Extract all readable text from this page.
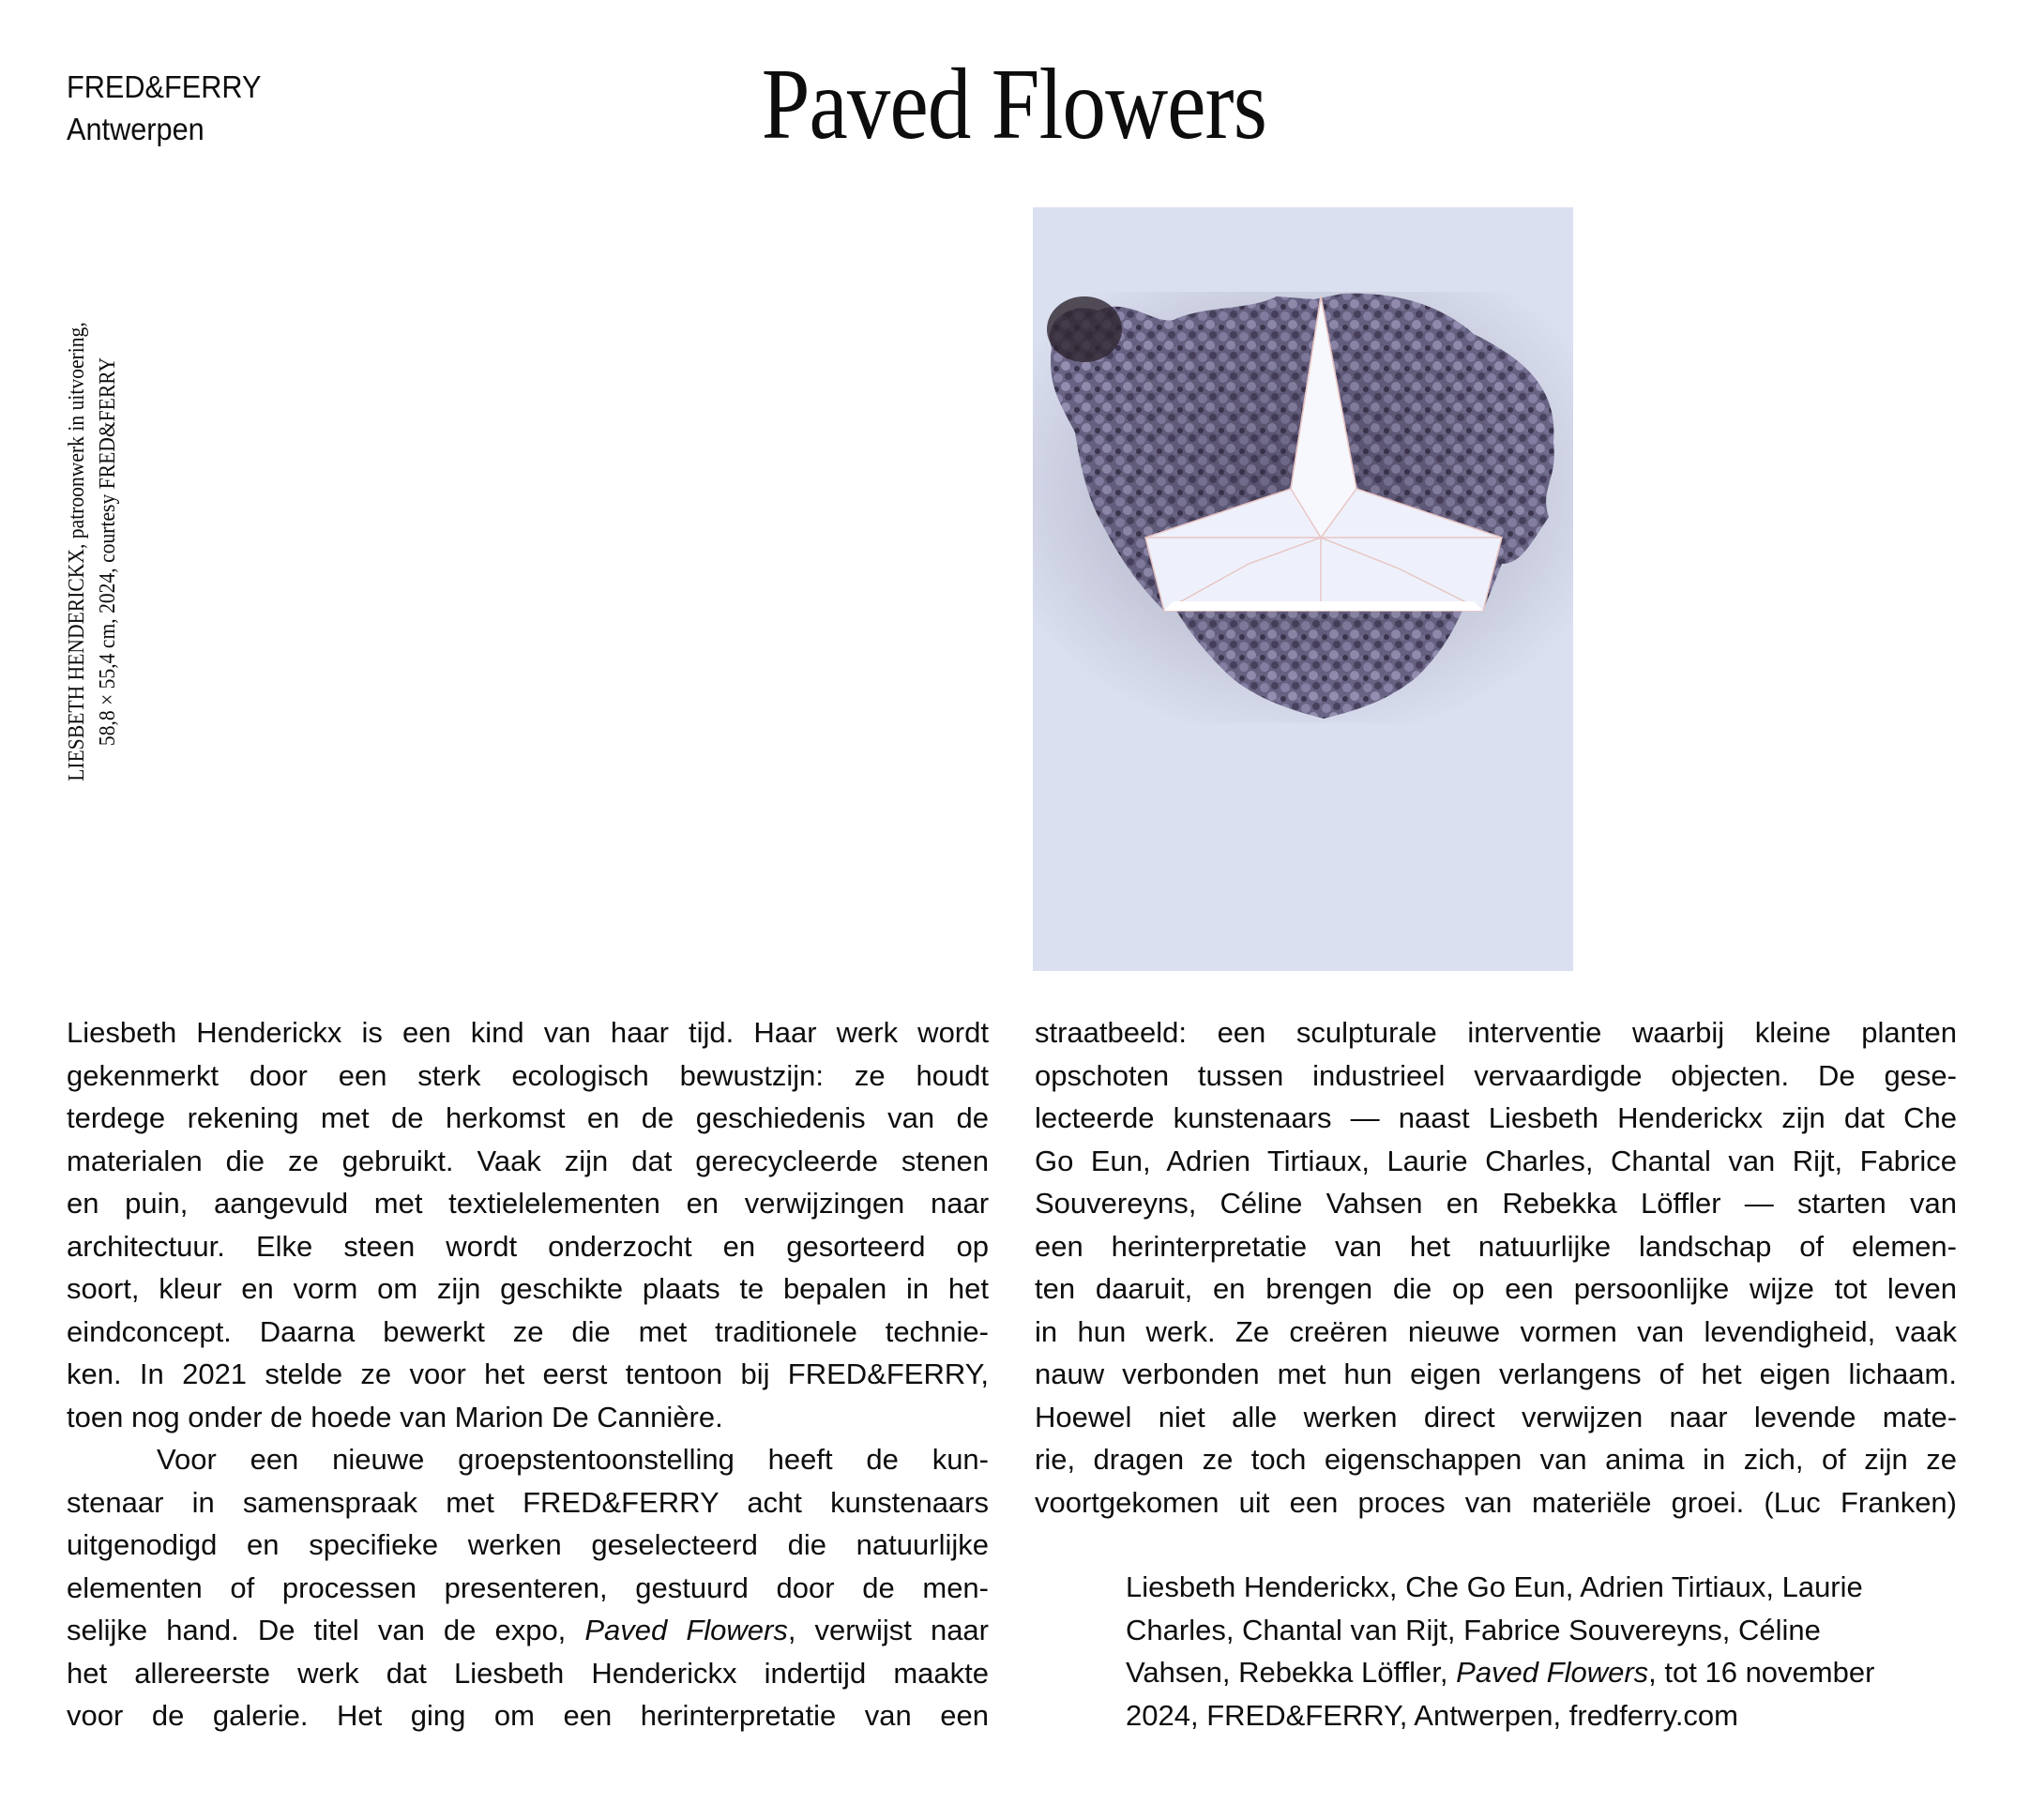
FRED&FERRY
Antwerpen	Paved Flowers
LIESBETH HENDERICKX, patroonwerk in uitvoering, 58,8 × 55,4 cm, 2024, courtesy FRED&FERRY

Liesbeth Henderickx is een kind van haar tijd. Haar werk wordt
gekenmerkt door een sterk ecologisch bewustzijn: ze houdt
terdege rekening met de herkomst en de geschiedenis van de
materialen die ze gebruikt. Vaak zijn dat gerecycleerde stenen
en puin, aangevuld met textielelementen en verwijzingen naar
architectuur. Elke steen wordt onderzocht en gesorteerd op
soort, kleur en vorm om zijn geschikte plaats te bepalen in het
eindconcept. Daarna bewerkt ze die met traditionele technie-
ken. In 2021 stelde ze voor het eerst tentoon bij FRED&FERRY,
toen nog onder de hoede van Marion De Cannière.

Voor een nieuwe groepstentoonstelling heeft de kun-
stenaar in samenspraak met FRED&FERRY acht kunstenaars
uitgenodigd en specifieke werken geselecteerd die natuurlijke
elementen of processen presenteren, gestuurd door de men-
selijke hand. De titel van de expo, Paved Flowers, verwijst naar
het allereerste werk dat Liesbeth Henderickx indertijd maakte
voor de galerie. Het ging om een herinterpretatie van een

straatbeeld: een sculpturale interventie waarbij kleine planten
opschoten tussen industrieel vervaardigde objecten. De gese-
lecteerde kunstenaars — naast Liesbeth Henderickx zijn dat Che
Go Eun, Adrien Tirtiaux, Laurie Charles, Chantal van Rijt, Fabrice
Souvereyns, Céline Vahsen en Rebekka Löffler — starten van
een herinterpretatie van het natuurlijke landschap of elemen-
ten daaruit, en brengen die op een persoonlijke wijze tot leven
in hun werk. Ze creëren nieuwe vormen van levendigheid, vaak
nauw verbonden met hun eigen verlangens of het eigen lichaam.
Hoewel niet alle werken direct verwijzen naar levende mate-
rie, dragen ze toch eigenschappen van anima in zich, of zijn ze
voortgekomen uit een proces van materiële groei. (Luc Franken)

Liesbeth Henderickx, Che Go Eun, Adrien Tirtiaux, Laurie
Charles, Chantal van Rijt, Fabrice Souvereyns, Céline
Vahsen, Rebekka Löffler, Paved Flowers, tot 16 november
2024, FRED&FERRY, Antwerpen, fredferry.com
